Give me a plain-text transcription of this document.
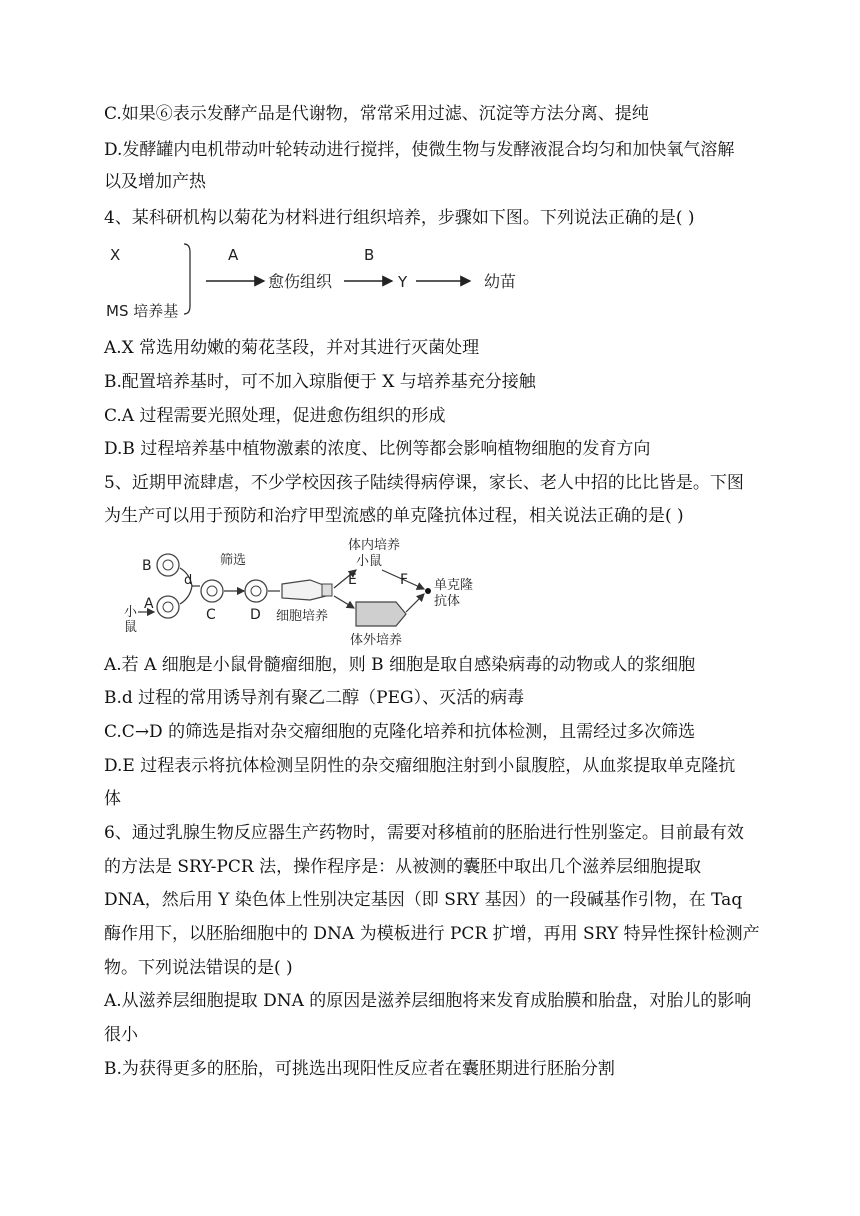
C.如果⑥表示发酵产品是代谢物，常常采用过滤、沉淀等方法分离、提纯
D.发酵罐内电机带动叶轮转动进行搅拌，使微生物与发酵液混合均匀和加快氧气溶解
以及增加产热
4、某科研机构以菊花为材料进行组织培养，步骤如下图。下列说法正确的是( )
X
MS 培养基
A
愈伤组织
B
Y	幼苗
A.X 常选用幼嫩的菊花茎段，并对其进行灭菌处理
B.配置培养基时，可不加入琼脂便于 X 与培养基充分接触
C.A 过程需要光照处理，促进愈伤组织的形成
D.B 过程培养基中植物激素的浓度、比例等都会影响植物细胞的发育方向
5、近期甲流肆虐，不少学校因孩子陆续得病停课，家长、老人中招的比比皆是。下图
为生产可以用于预防和治疗甲型流感的单克隆抗体过程，相关说法正确的是( )
B
小
鼠
A
d
C
筛选
D 细胞培养
体内培养
小鼠
E	F
体外培养
单克隆
抗体
A.若 A 细胞是小鼠骨髓瘤细胞，则 B 细胞是取自感染病毒的动物或人的浆细胞
B.d 过程的常用诱导剂有聚乙二醇（PEG）、灭活的病毒
C.C→D 的筛选是指对杂交瘤细胞的克隆化培养和抗体检测，且需经过多次筛选
D.E 过程表示将抗体检测呈阴性的杂交瘤细胞注射到小鼠腹腔，从血浆提取单克隆抗
体
6、通过乳腺生物反应器生产药物时，需要对移植前的胚胎进行性别鉴定。目前最有效
的方法是 SRY-PCR 法，操作程序是：从被测的囊胚中取出几个滋养层细胞提取
DNA，然后用 Y 染色体上性别决定基因（即 SRY 基因）的一段碱基作引物，在 Taq
酶作用下，以胚胎细胞中的 DNA 为模板进行 PCR 扩增，再用 SRY 特异性探针检测产
物。下列说法错误的是( )
A.从滋养层细胞提取 DNA 的原因是滋养层细胞将来发育成胎膜和胎盘，对胎儿的影响
很小
B.为获得更多的胚胎，可挑选出现阳性反应者在囊胚期进行胚胎分割
